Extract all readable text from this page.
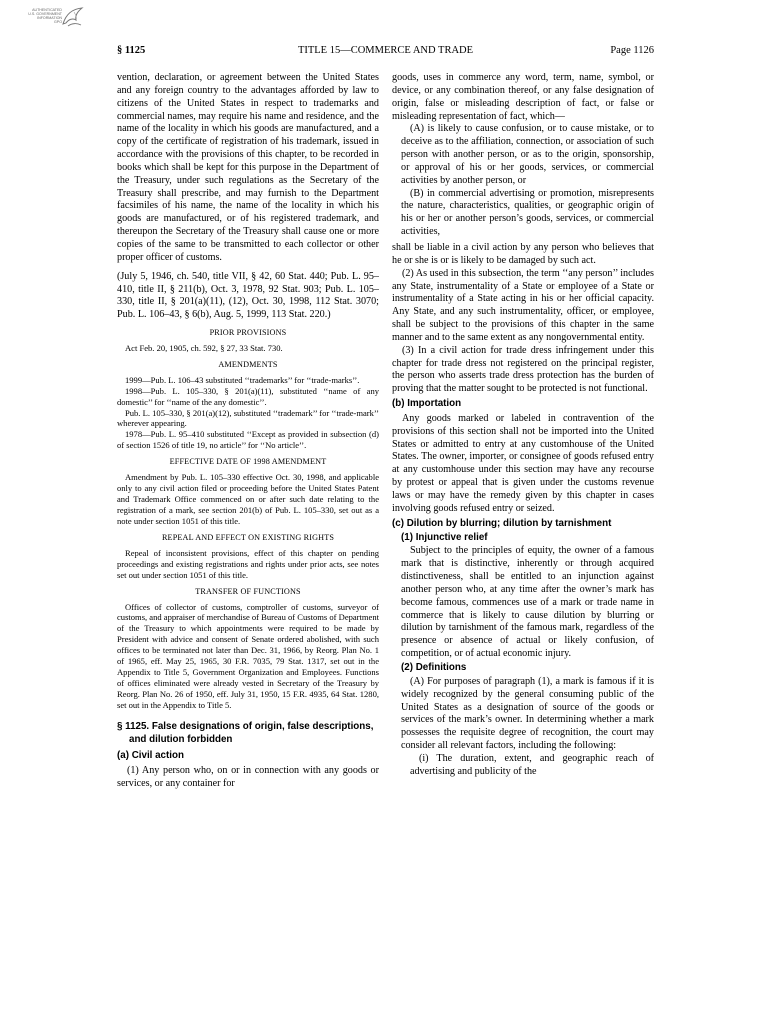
AUTHENTICATED
U.S. GOVERNMENT
INFORMATION
GPO
§ 1125	TITLE 15—COMMERCE AND TRADE	Page 1126

vention, declaration, or agreement between the United States and any foreign country to the advantages afforded by law to citizens of the United States in respect to trademarks and commercial names, may require his name and residence, and the name of the locality in which his goods are manufactured, and a copy of the certificate of registration of his trademark, issued in accordance with the provisions of this chapter, to be recorded in books which shall be kept for this purpose in the Department of the Treasury, under such regulations as the Secretary of the Treasury shall prescribe, and may furnish to the Department facsimiles of his name, the name of the locality in which his goods are manufactured, or of his registered trademark, and thereupon the Secretary of the Treasury shall cause one or more copies of the same to be transmitted to each collector or other proper officer of customs.

(July 5, 1946, ch. 540, title VII, § 42, 60 Stat. 440; Pub. L. 95–410, title II, § 211(b), Oct. 3, 1978, 92 Stat. 903; Pub. L. 105–330, title II, § 201(a)(11), (12), Oct. 30, 1998, 112 Stat. 3070; Pub. L. 106–43, § 6(b), Aug. 5, 1999, 113 Stat. 220.)

PRIOR PROVISIONS

Act Feb. 20, 1905, ch. 592, § 27, 33 Stat. 730.

AMENDMENTS

1999—Pub. L. 106–43 substituted ‘‘trademarks’’ for ‘‘trade-marks’’.

1998—Pub. L. 105–330, § 201(a)(11), substituted ‘‘name of any domestic’’ for ‘‘name of the any domestic’’.

Pub. L. 105–330, § 201(a)(12), substituted ‘‘trademark’’ for ‘‘trade-mark’’ wherever appearing.

1978—Pub. L. 95–410 substituted ‘‘Except as provided in subsection (d) of section 1526 of title 19, no article’’ for ‘‘No article’’.

EFFECTIVE DATE OF 1998 AMENDMENT

Amendment by Pub. L. 105–330 effective Oct. 30, 1998, and applicable only to any civil action filed or proceeding before the United States Patent and Trademark Office commenced on or after such date relating to the registration of a mark, see section 201(b) of Pub. L. 105–330, set out as a note under section 1051 of this title.

REPEAL AND EFFECT ON EXISTING RIGHTS

Repeal of inconsistent provisions, effect of this chapter on pending proceedings and existing registrations and rights under prior acts, see notes set out under section 1051 of this title.

TRANSFER OF FUNCTIONS

Offices of collector of customs, comptroller of customs, surveyor of customs, and appraiser of merchandise of Bureau of Customs of Department of the Treasury to which appointments were required to be made by President with advice and consent of Senate ordered abolished, with such offices to be terminated not later than Dec. 31, 1966, by Reorg. Plan No. 1 of 1965, eff. May 25, 1965, 30 F.R. 7035, 79 Stat. 1317, set out in the Appendix to Title 5, Government Organization and Employees. Functions of offices eliminated were already vested in Secretary of the Treasury by Reorg. Plan No. 26 of 1950, eff. July 31, 1950, 15 F.R. 4935, 64 Stat. 1280, set out in the Appendix to Title 5.

§ 1125. False designations of origin, false descriptions, and dilution forbidden

(a) Civil action

(1) Any person who, on or in connection with any goods or services, or any container for

goods, uses in commerce any word, term, name, symbol, or device, or any combination thereof, or any false designation of origin, false or misleading description of fact, or false or misleading representation of fact, which—

(A) is likely to cause confusion, or to cause mistake, or to deceive as to the affiliation, connection, or association of such person with another person, or as to the origin, sponsorship, or approval of his or her goods, services, or commercial activities by another person, or

(B) in commercial advertising or promotion, misrepresents the nature, characteristics, qualities, or geographic origin of his or her or another person’s goods, services, or commercial activities,

shall be liable in a civil action by any person who believes that he or she is or is likely to be damaged by such act.

(2) As used in this subsection, the term ‘‘any person’’ includes any State, instrumentality of a State or employee of a State or instrumentality of a State acting in his or her official capacity. Any State, and any such instrumentality, officer, or employee, shall be subject to the provisions of this chapter in the same manner and to the same extent as any nongovernmental entity.

(3) In a civil action for trade dress infringement under this chapter for trade dress not registered on the principal register, the person who asserts trade dress protection has the burden of proving that the matter sought to be protected is not functional.

(b) Importation

Any goods marked or labeled in contravention of the provisions of this section shall not be imported into the United States or admitted to entry at any customhouse of the United States. The owner, importer, or consignee of goods refused entry at any customhouse under this section may have any recourse by protest or appeal that is given under the customs revenue laws or may have the remedy given by this chapter in cases involving goods refused entry or seized.

(c) Dilution by blurring; dilution by tarnishment

(1) Injunctive relief

Subject to the principles of equity, the owner of a famous mark that is distinctive, inherently or through acquired distinctiveness, shall be entitled to an injunction against another person who, at any time after the owner’s mark has become famous, commences use of a mark or trade name in commerce that is likely to cause dilution by blurring or dilution by tarnishment of the famous mark, regardless of the presence or absence of actual or likely confusion, of competition, or of actual economic injury.

(2) Definitions

(A) For purposes of paragraph (1), a mark is famous if it is widely recognized by the general consuming public of the United States as a designation of source of the goods or services of the mark’s owner. In determining whether a mark possesses the requisite degree of recognition, the court may consider all relevant factors, including the following:

(i) The duration, extent, and geographic reach of advertising and publicity of the
